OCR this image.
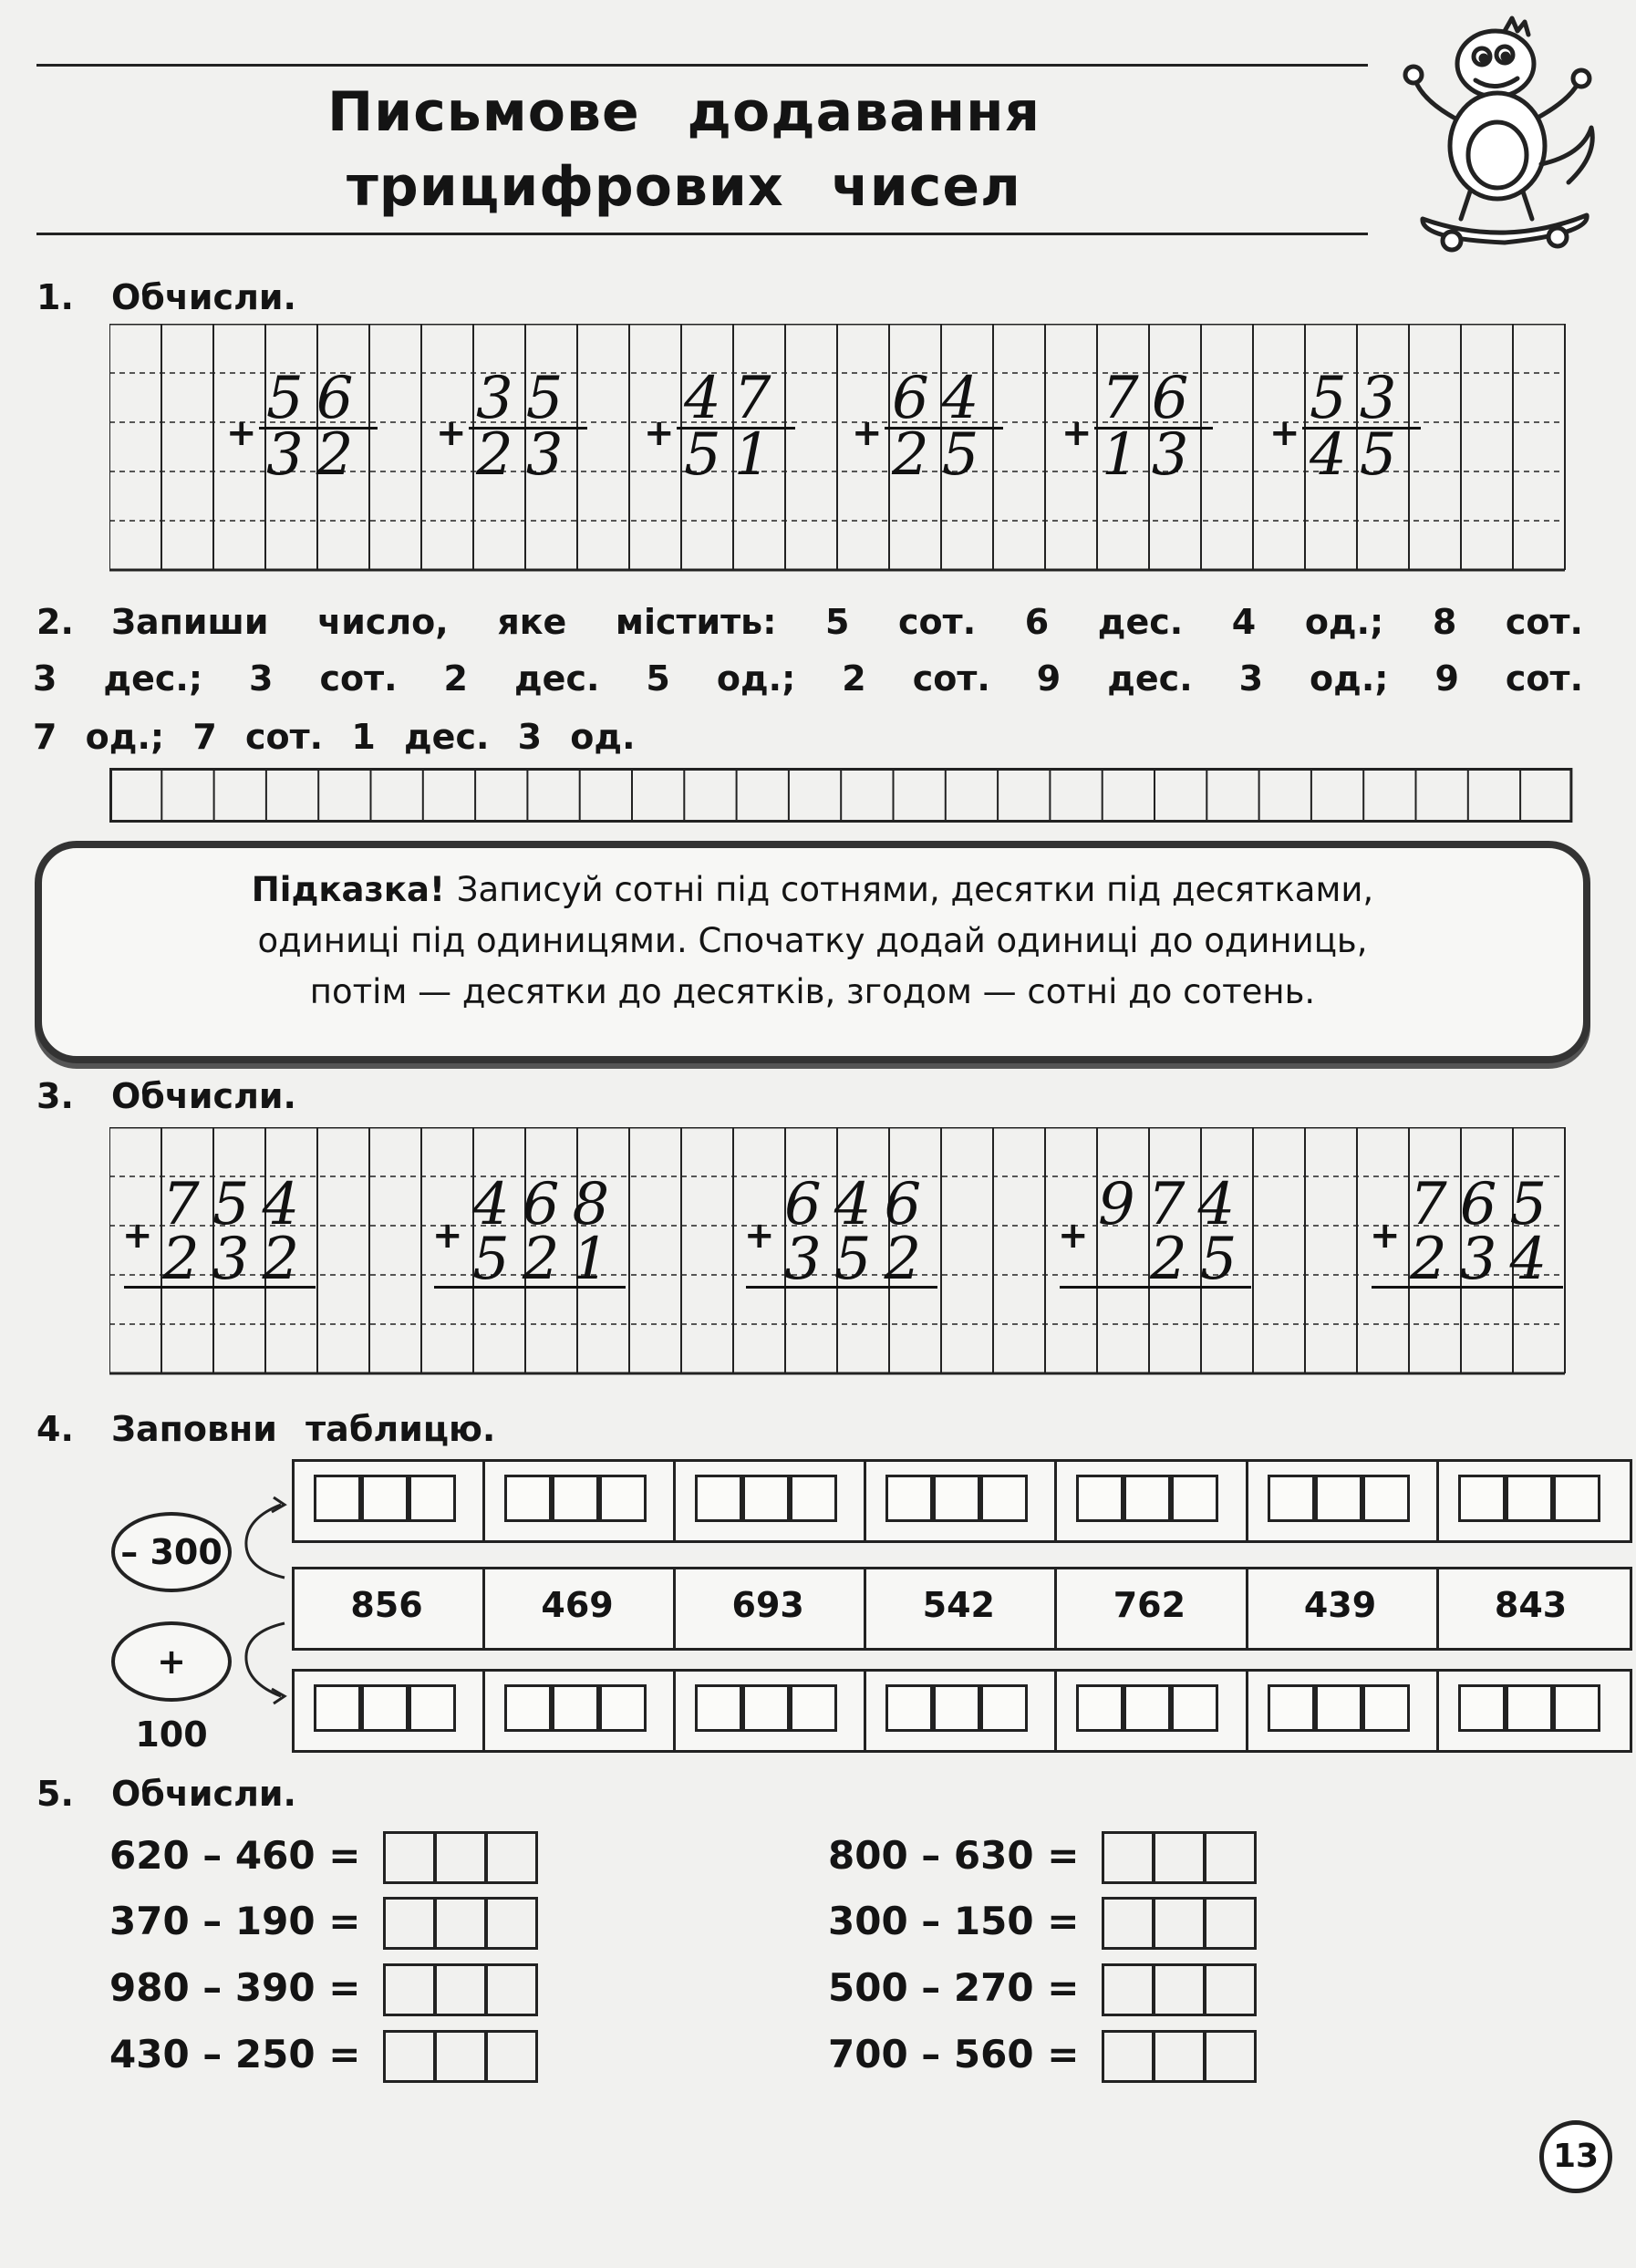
Письмове додавання
трицифрових чисел
1. Обчисли.
+
56
32 +
35
23 +
47
51 +
64
25 +
76
13 +
53
45
2. Запиши число, яке містить: 5 сот. 6 дес. 4 од.; 8 сот.
3 дес.; 3 сот. 2 дес. 5 од.; 2 сот. 9 дес. 3 од.; 9 сот.
7 од.; 7 сот. 1 дес. 3 од.

Підказка! Записуй сотні під сотнями, десятки під десятками,

одиниці під одиницями. Спочатку додай одиниці до одиниць,

потім — десятки до десятків, згодом — сотні до сотень.

3. Обчисли.
+ 754
232	+ 468
521	+ 646
352	+ 974
25	+ 765
234
4. Заповни таблицю.
– 300
+ 100
856	469	693	542	762	439	843
5. Обчисли.
620 – 460 =
370 – 190 =
980 – 390 =
430 – 250 =
800 – 630 =
300 – 150 =
500 – 270 =
700 – 560 =
13
